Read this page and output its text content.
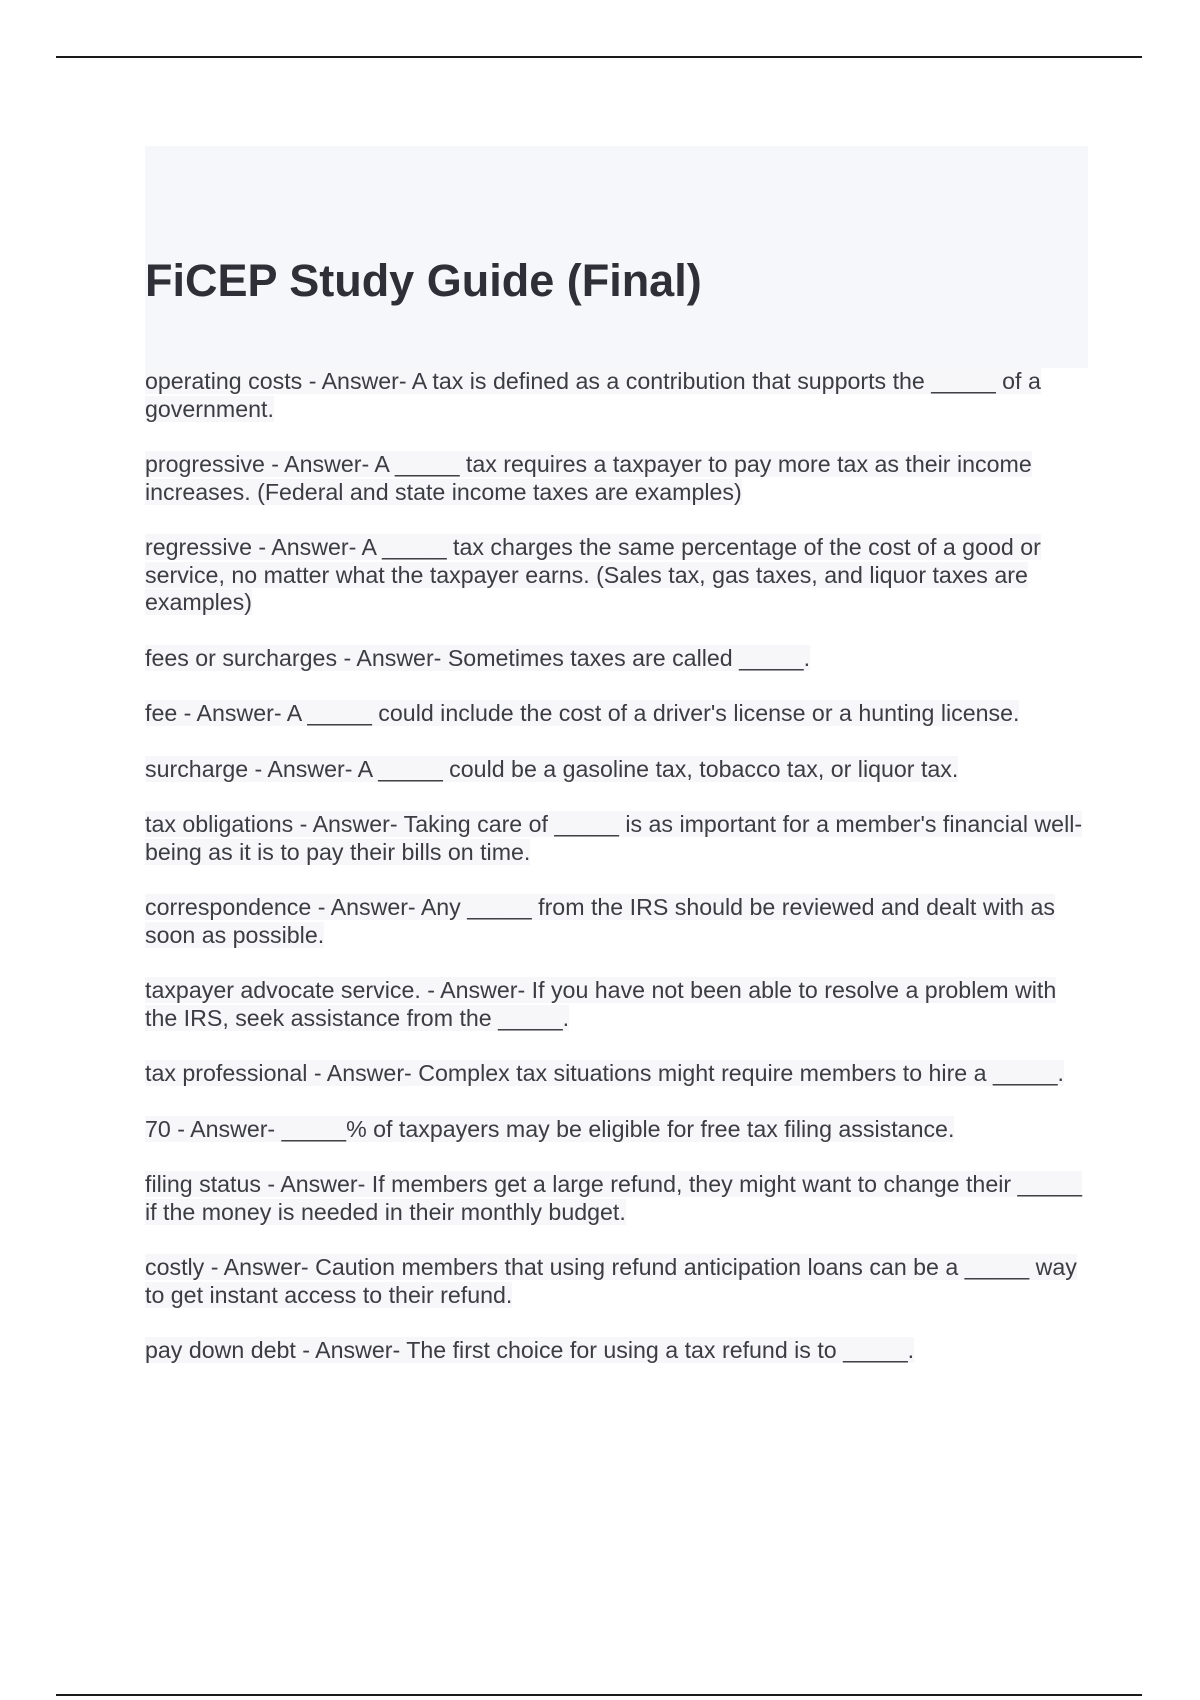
FiCEP Study Guide (Final)

operating costs - Answer- A tax is defined as a contribution that supports the _____ of a government.

progressive - Answer- A _____ tax requires a taxpayer to pay more tax as their income increases. (Federal and state income taxes are examples)

regressive - Answer- A _____ tax charges the same percentage of the cost of a good or service, no matter what the taxpayer earns. (Sales tax, gas taxes, and liquor taxes are examples)

fees or surcharges - Answer- Sometimes taxes are called _____.

fee - Answer- A _____ could include the cost of a driver's license or a hunting license.

surcharge - Answer- A _____ could be a gasoline tax, tobacco tax, or liquor tax.

tax obligations - Answer- Taking care of _____ is as important for a member's financial well-being as it is to pay their bills on time.

correspondence - Answer- Any _____ from the IRS should be reviewed and dealt with as soon as possible.

taxpayer advocate service. - Answer- If you have not been able to resolve a problem with the IRS, seek assistance from the _____.

tax professional - Answer- Complex tax situations might require members to hire a _____.

70 - Answer- _____% of taxpayers may be eligible for free tax filing assistance.

filing status - Answer- If members get a large refund, they might want to change their _____ if the money is needed in their monthly budget.

costly - Answer- Caution members that using refund anticipation loans can be a _____ way to get instant access to their refund.

pay down debt - Answer- The first choice for using a tax refund is to _____.
